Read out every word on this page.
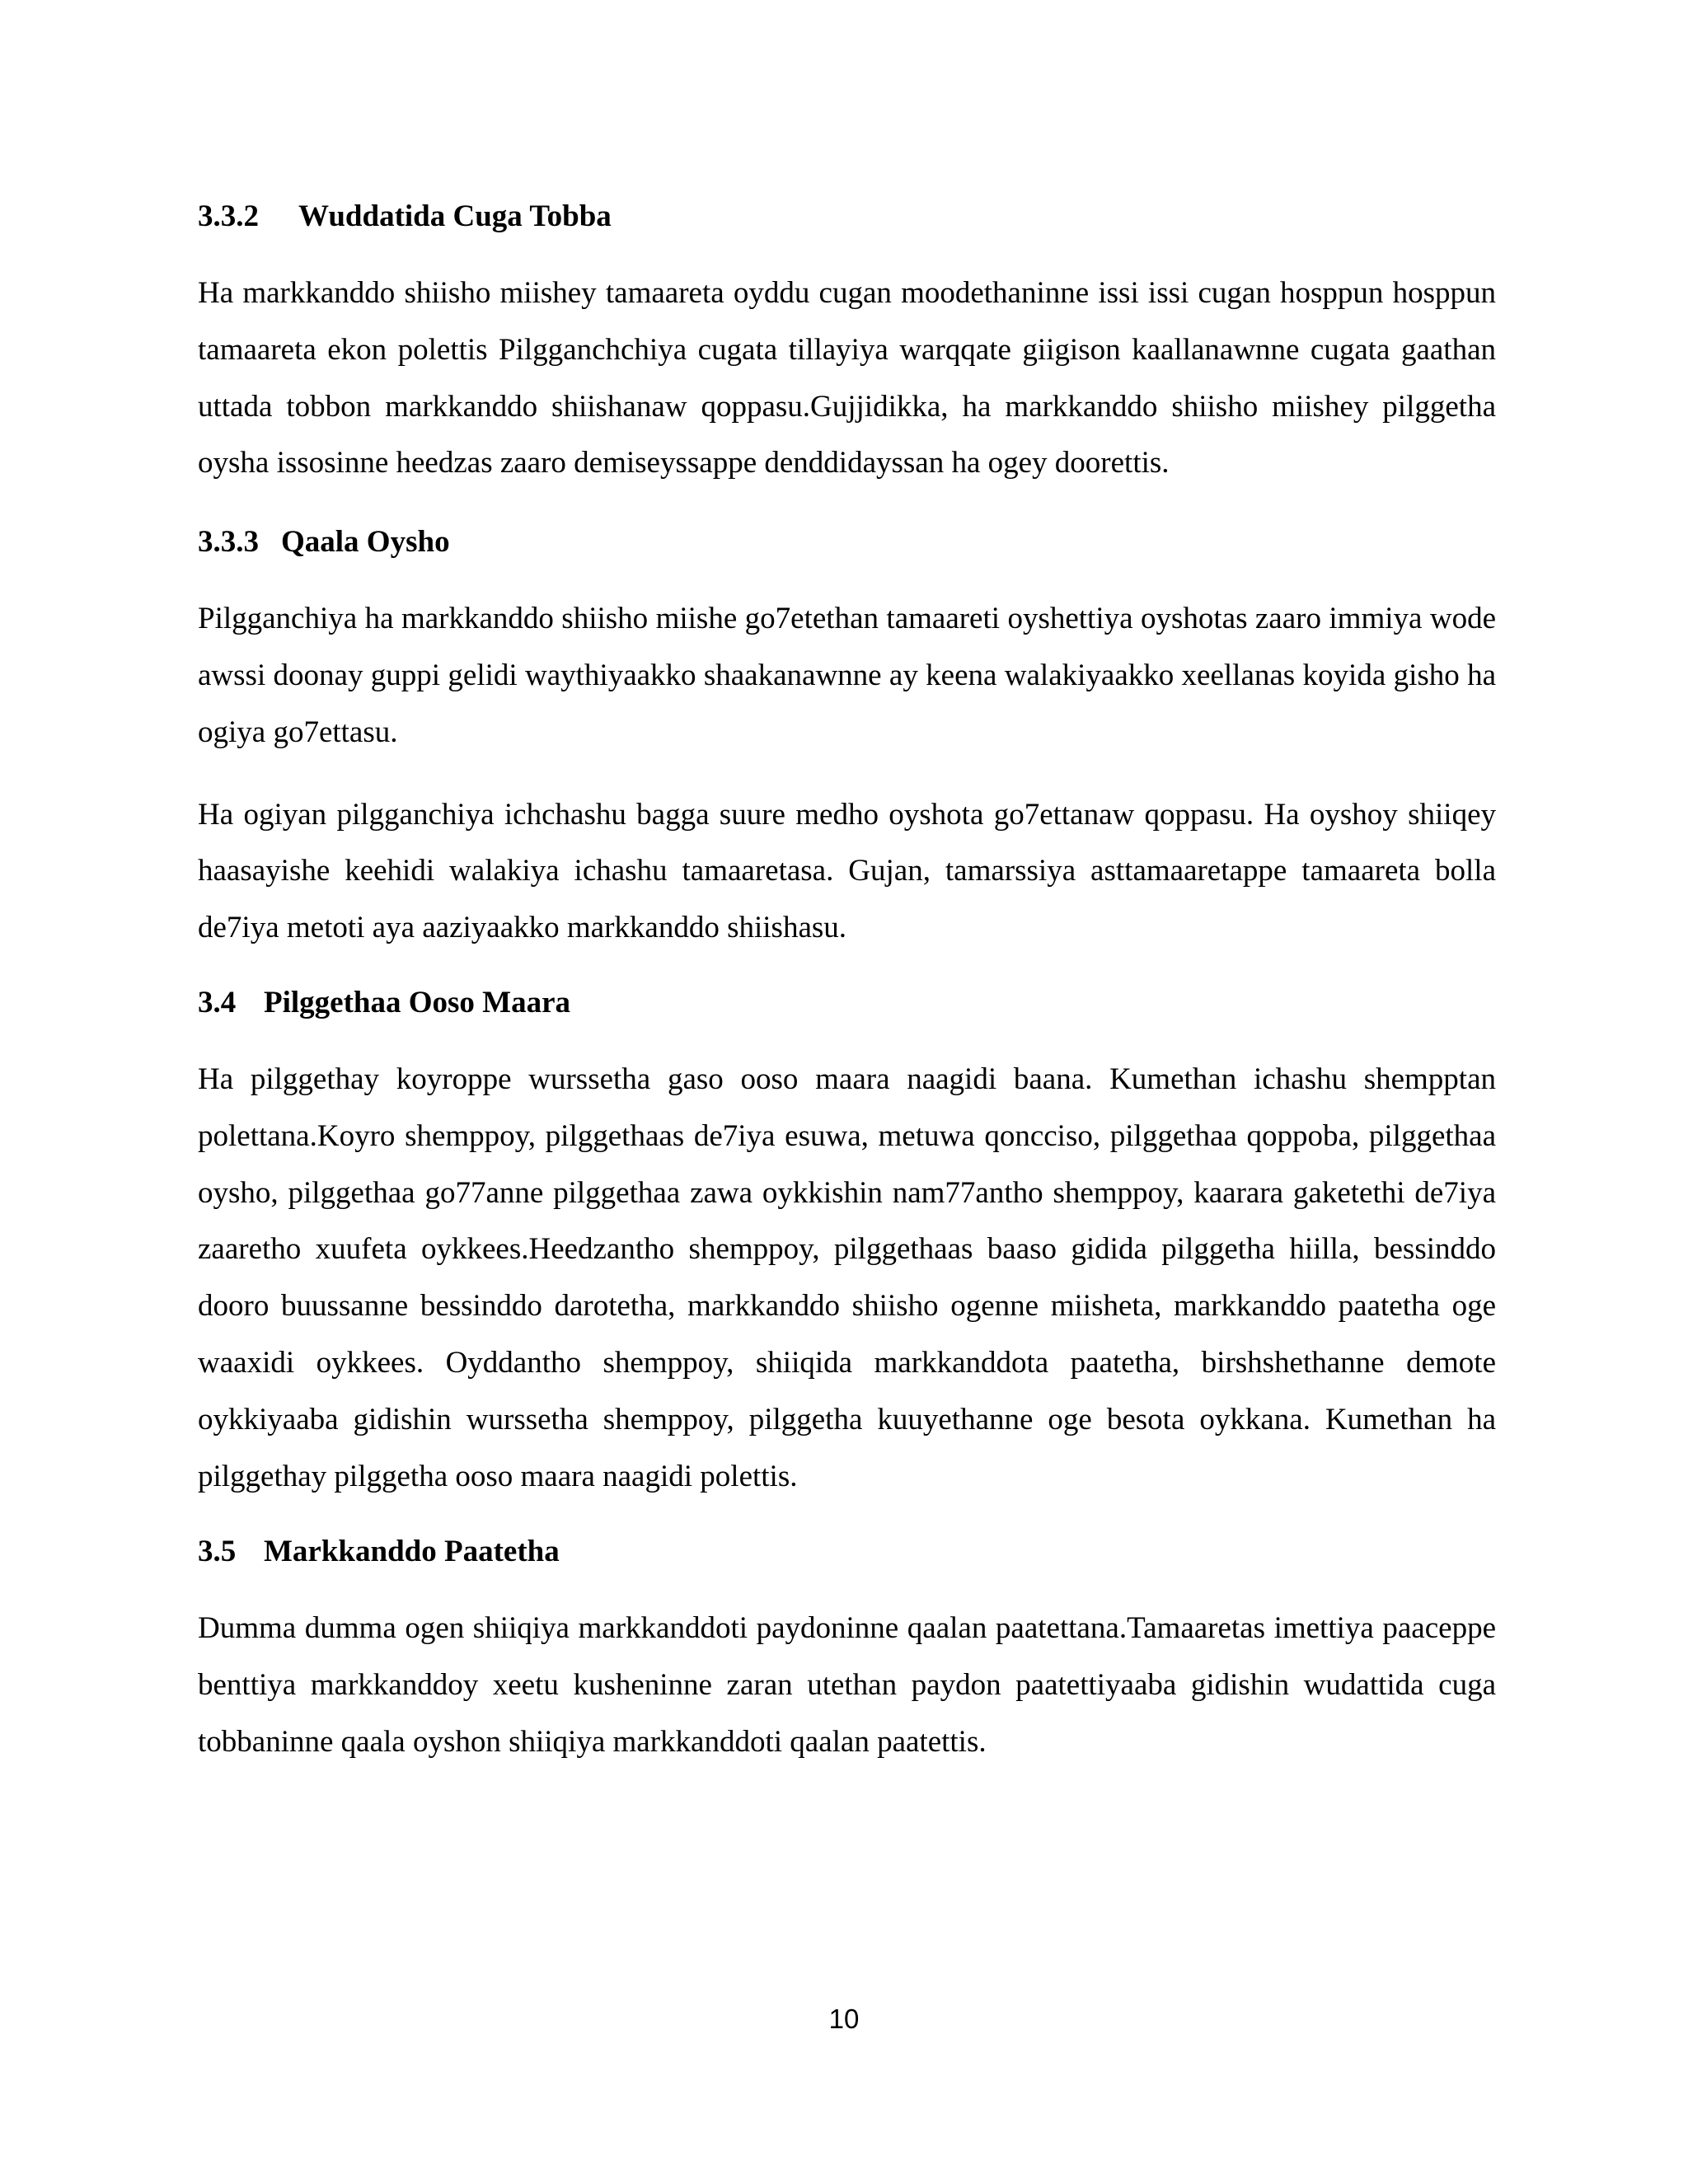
3.3.2	Wuddatida Cuga Tobba

Ha markkanddo shiisho miishey tamaareta oyddu cugan moodethaninne issi issi cugan hosppun hosppun tamaareta ekon polettis Pilgganchchiya cugata tillayiya warqqate giigison kaallanawnne cugata gaathan uttada tobbon markkanddo shiishanaw qoppasu.Gujjidikka, ha markkanddo shiisho miishey pilggetha oysha issosinne heedzas zaaro demiseyssappe denddidayssan ha ogey doorettis.

3.3.3 Qaala Oysho

Pilgganchiya ha markkanddo shiisho miishe go7etethan tamaareti oyshettiya oyshotas zaaro immiya wode awssi doonay guppi gelidi waythiyaakko shaakanawnne ay keena walakiyaakko xeellanas koyida gisho ha ogiya go7ettasu.

Ha ogiyan pilgganchiya ichchashu bagga suure medho oyshota go7ettanaw qoppasu. Ha oyshoy shiiqey haasayishe keehidi walakiya ichashu tamaaretasa. Gujan, tamarssiya asttamaaretappe tamaareta bolla de7iya metoti aya aaziyaakko markkanddo shiishasu.

3.4 Pilggethaa Ooso Maara

Ha pilggethay koyroppe wurssetha gaso ooso maara naagidi baana. Kumethan ichashu shempptan polettana.Koyro shemppoy, pilggethaas de7iya esuwa, metuwa qoncciso, pilggethaa qoppoba, pilggethaa oysho, pilggethaa go77anne pilggethaa zawa oykkishin nam77antho shemppoy, kaarara gaketethi de7iya zaaretho xuufeta oykkees.Heedzantho shemppoy, pilggethaas baaso gidida pilggetha hiilla, bessinddo dooro buussanne bessinddo darotetha, markkanddo shiisho ogenne miisheta, markkanddo paatetha oge waaxidi oykkees. Oyddantho shemppoy, shiiqida markkanddota paatetha, birshshethanne demote oykkiyaaba gidishin wurssetha shemppoy, pilggetha kuuyethanne oge besota oykkana. Kumethan ha pilggethay pilggetha ooso maara naagidi polettis.

3.5 Markkanddo Paatetha

Dumma dumma ogen shiiqiya markkanddoti paydoninne qaalan paatettana.Tamaaretas imettiya paaceppe benttiya markkanddoy xeetu kusheninne zaran utethan paydon paatettiyaaba gidishin wudattida cuga tobbaninne qaala oyshon shiiqiya markkanddoti qaalan paatettis.

10
